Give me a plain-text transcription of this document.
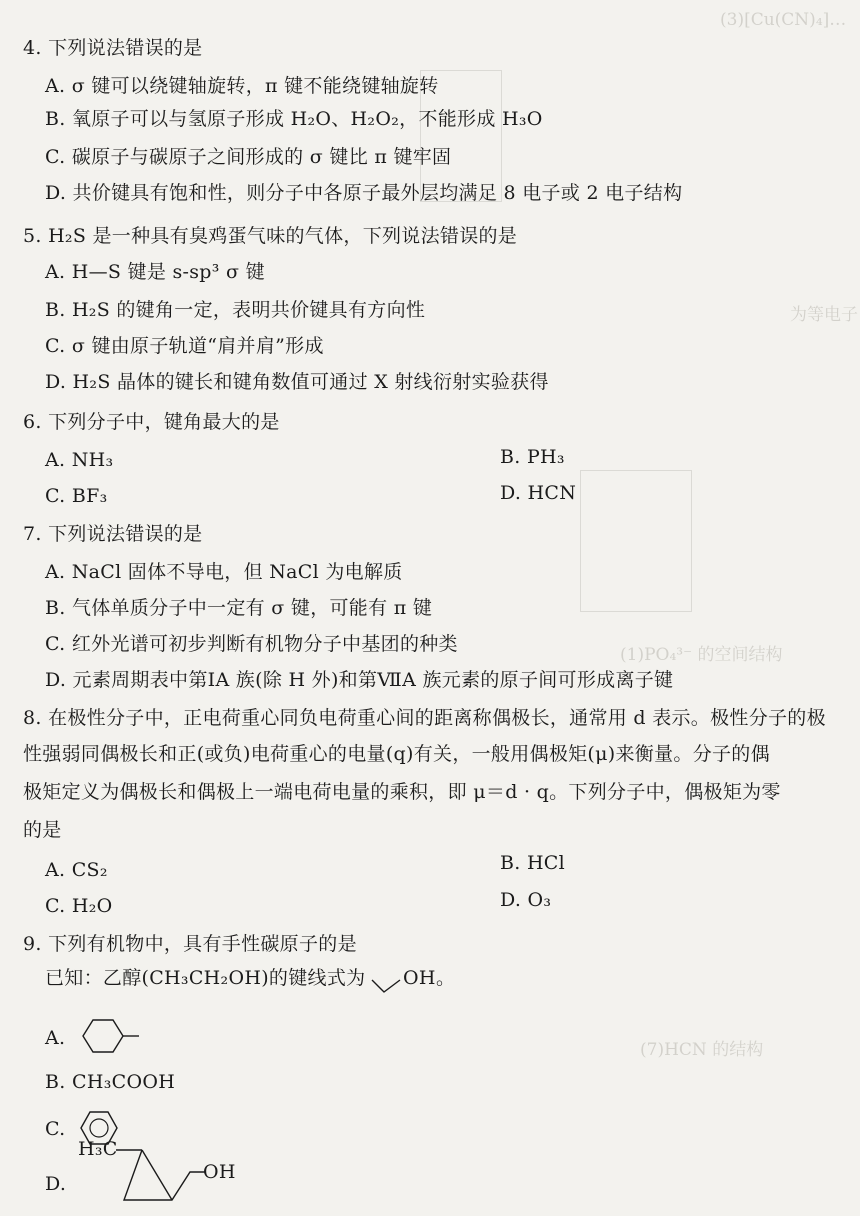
(3)[Cu(CN)₄]…
为等电子
(1)PO₄³⁻ 的空间结构
(7)HCN 的结构
4. 下列说法错误的是
A. σ 键可以绕键轴旋转，π 键不能绕键轴旋转
B. 氧原子可以与氢原子形成 H₂O、H₂O₂，不能形成 H₃O
C. 碳原子与碳原子之间形成的 σ 键比 π 键牢固
D. 共价键具有饱和性，则分子中各原子最外层均满足 8 电子或 2 电子结构
5. H₂S 是一种具有臭鸡蛋气味的气体，下列说法错误的是
A. H—S 键是 s-sp³ σ 键
B. H₂S 的键角一定，表明共价键具有方向性
C. σ 键由原子轨道“肩并肩”形成
D. H₂S 晶体的键长和键角数值可通过 X 射线衍射实验获得
6. 下列分子中，键角最大的是
A. NH₃	B. PH₃
C. BF₃	D. HCN
7. 下列说法错误的是
A. NaCl 固体不导电，但 NaCl 为电解质
B. 气体单质分子中一定有 σ 键，可能有 π 键
C. 红外光谱可初步判断有机物分子中基团的种类
D. 元素周期表中第ⅠA 族(除 H 外)和第ⅦA 族元素的原子间可形成离子键
8. 在极性分子中，正电荷重心同负电荷重心间的距离称偶极长，通常用 d 表示。极性分子的极
性强弱同偶极长和正(或负)电荷重心的电量(q)有关，一般用偶极矩(μ)来衡量。分子的偶
极矩定义为偶极长和偶极上一端电荷电量的乘积，即 μ＝d · q。下列分子中，偶极矩为零
的是
A. CS₂	B. HCl
C. H₂O	D. O₃
9. 下列有机物中，具有手性碳原子的是
已知：乙醇(CH₃CH₂OH)的键线式为 OH 。
A.
B. CH₃COOH
C.
D.
H₃C
OH
